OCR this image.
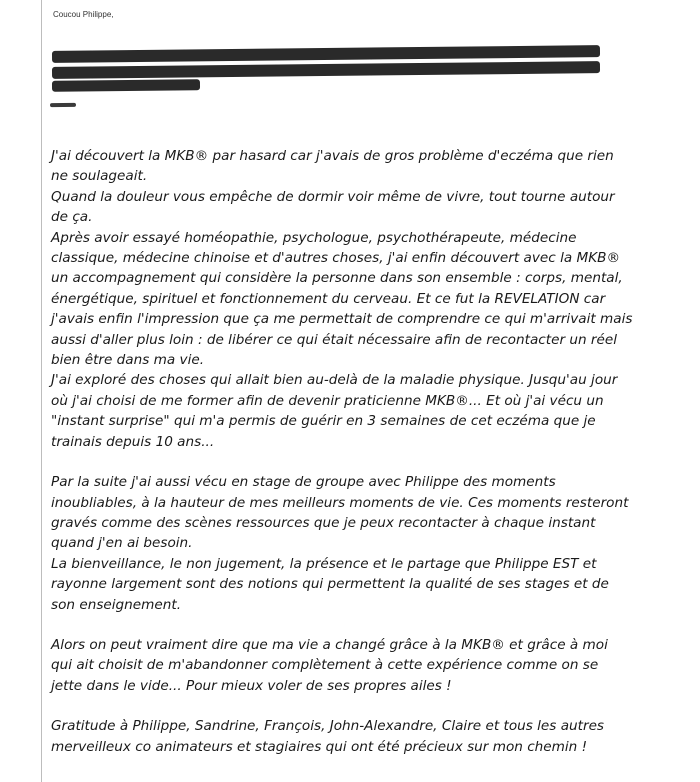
Coucou Philippe,

J'ai découvert la MKB® par hasard car j'avais de gros problème d'eczéma que rien ne soulageait.

Quand la douleur vous empêche de dormir voir même de vivre, tout tourne autour de ça.

Après avoir essayé homéopathie, psychologue, psychothérapeute, médecine classique, médecine chinoise et d'autres choses, j'ai enfin découvert avec la MKB® un accompagnement qui considère la personne dans son ensemble : corps, mental, énergétique, spirituel et fonctionnement du cerveau. Et ce fut la REVELATION car j'avais enfin l'impression que ça me permettait de comprendre ce qui m'arrivait mais aussi d'aller plus loin : de libérer ce qui était nécessaire afin de recontacter un réel bien être dans ma vie.

J'ai exploré des choses qui allait bien au-delà de la maladie physique. Jusqu'au jour où j'ai choisi de me former afin de devenir praticienne MKB®... Et où j'ai vécu un "instant surprise" qui m'a permis de guérir en 3 semaines de cet eczéma que je trainais depuis 10 ans...

Par la suite j'ai aussi vécu en stage de groupe avec Philippe des moments inoubliables, à la hauteur de mes meilleurs moments de vie. Ces moments resteront gravés comme des scènes ressources que je peux recontacter à chaque instant quand j'en ai besoin.

La bienveillance, le non jugement, la présence et le partage que Philippe EST et rayonne largement sont des notions qui permettent la qualité de ses stages et de son enseignement.

Alors on peut vraiment dire que ma vie a changé grâce à la MKB® et grâce à moi qui ait choisit de m'abandonner complètement à cette expérience comme on se jette dans le vide... Pour mieux voler de ses propres ailes !

Gratitude à Philippe, Sandrine, François, John-Alexandre, Claire et tous les autres merveilleux co animateurs et stagiaires qui ont été précieux sur mon chemin !
